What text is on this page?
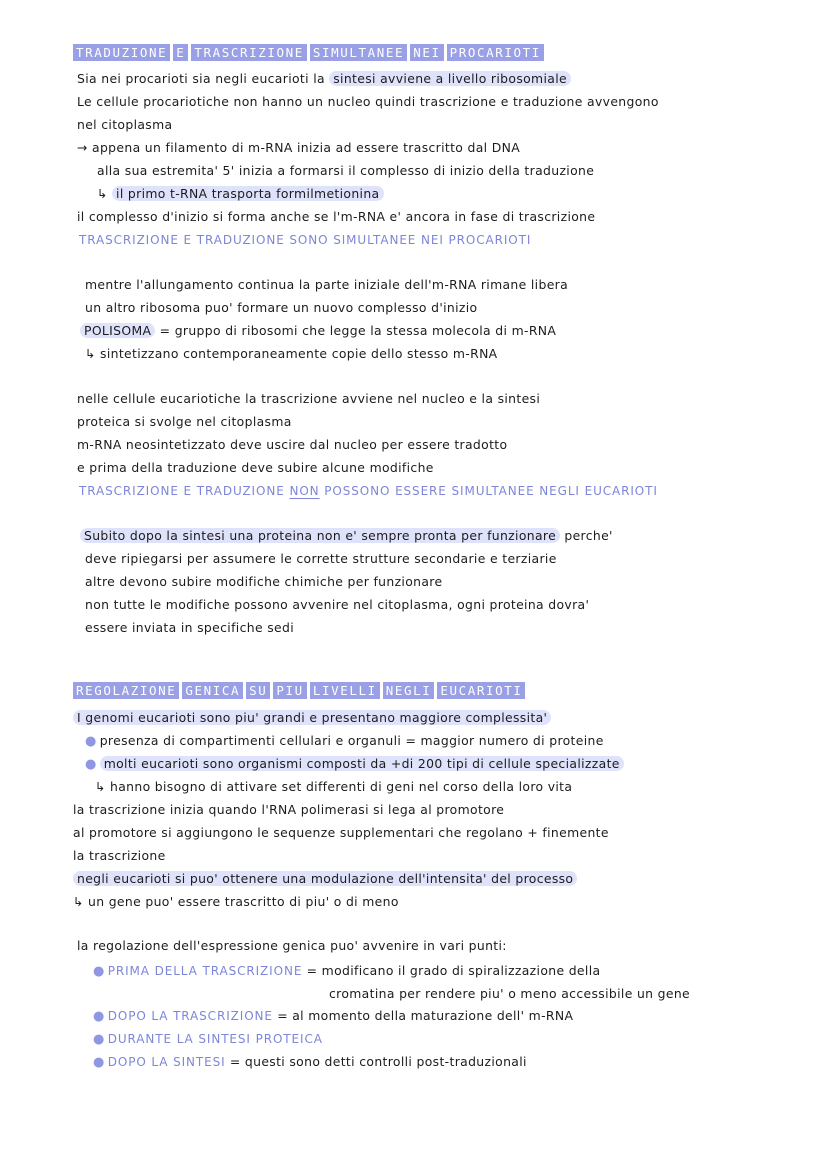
TRADUZIONE E TRASCRIZIONE SIMULTANEE NEI PROCARIOTI
Sia nei procarioti sia negli eucarioti la sintesi avviene a livello ribosomiale
Le cellule procariotiche non hanno un nucleo quindi trascrizione e traduzione avvengono
nel citoplasma
→ appena un filamento di m-RNA inizia ad essere trascritto dal DNA
alla sua estremita' 5' inizia a formarsi il complesso di inizio della traduzione
↳ il primo t-RNA trasporta formilmetionina
il complesso d'inizio si forma anche se l'm-RNA e' ancora in fase di trascrizione
TRASCRIZIONE E TRADUZIONE SONO SIMULTANEE NEI PROCARIOTI
mentre l'allungamento continua la parte iniziale dell'm-RNA rimane libera
un altro ribosoma puo' formare un nuovo complesso d'inizio
POLISOMA = gruppo di ribosomi che legge la stessa molecola di m-RNA
↳ sintetizzano contemporaneamente copie dello stesso m-RNA
nelle cellule eucariotiche la trascrizione avviene nel nucleo e la sintesi
proteica si svolge nel citoplasma
m-RNA neosintetizzato deve uscire dal nucleo per essere tradotto
e prima della traduzione deve subire alcune modifiche
TRASCRIZIONE E TRADUZIONE NON POSSONO ESSERE SIMULTANEE NEGLI EUCARIOTI
Subito dopo la sintesi una proteina non e' sempre pronta per funzionare perche'
deve ripiegarsi per assumere le corrette strutture secondarie e terziarie
altre devono subire modifiche chimiche per funzionare
non tutte le modifiche possono avvenire nel citoplasma, ogni proteina dovra'
essere inviata in specifiche sedi
REGOLAZIONE GENICA SU PIU LIVELLI NEGLI EUCARIOTI
I genomi eucarioti sono piu' grandi e presentano maggiore complessita'
● presenza di compartimenti cellulari e organuli = maggior numero di proteine
● molti eucarioti sono organismi composti da +di 200 tipi di cellule specializzate
↳ hanno bisogno di attivare set differenti di geni nel corso della loro vita
la trascrizione inizia quando l'RNA polimerasi si lega al promotore
al promotore si aggiungono le sequenze supplementari che regolano + finemente
la trascrizione
negli eucarioti si puo' ottenere una modulazione dell'intensita' del processo
↳ un gene puo' essere trascritto di piu' o di meno
la regolazione dell'espressione genica puo' avvenire in vari punti:
● PRIMA DELLA TRASCRIZIONE = modificano il grado di spiralizzazione della
cromatina per rendere piu' o meno accessibile un gene
● DOPO LA TRASCRIZIONE = al momento della maturazione dell' m-RNA
● DURANTE LA SINTESI PROTEICA
● DOPO LA SINTESI = questi sono detti controlli post-traduzionali
